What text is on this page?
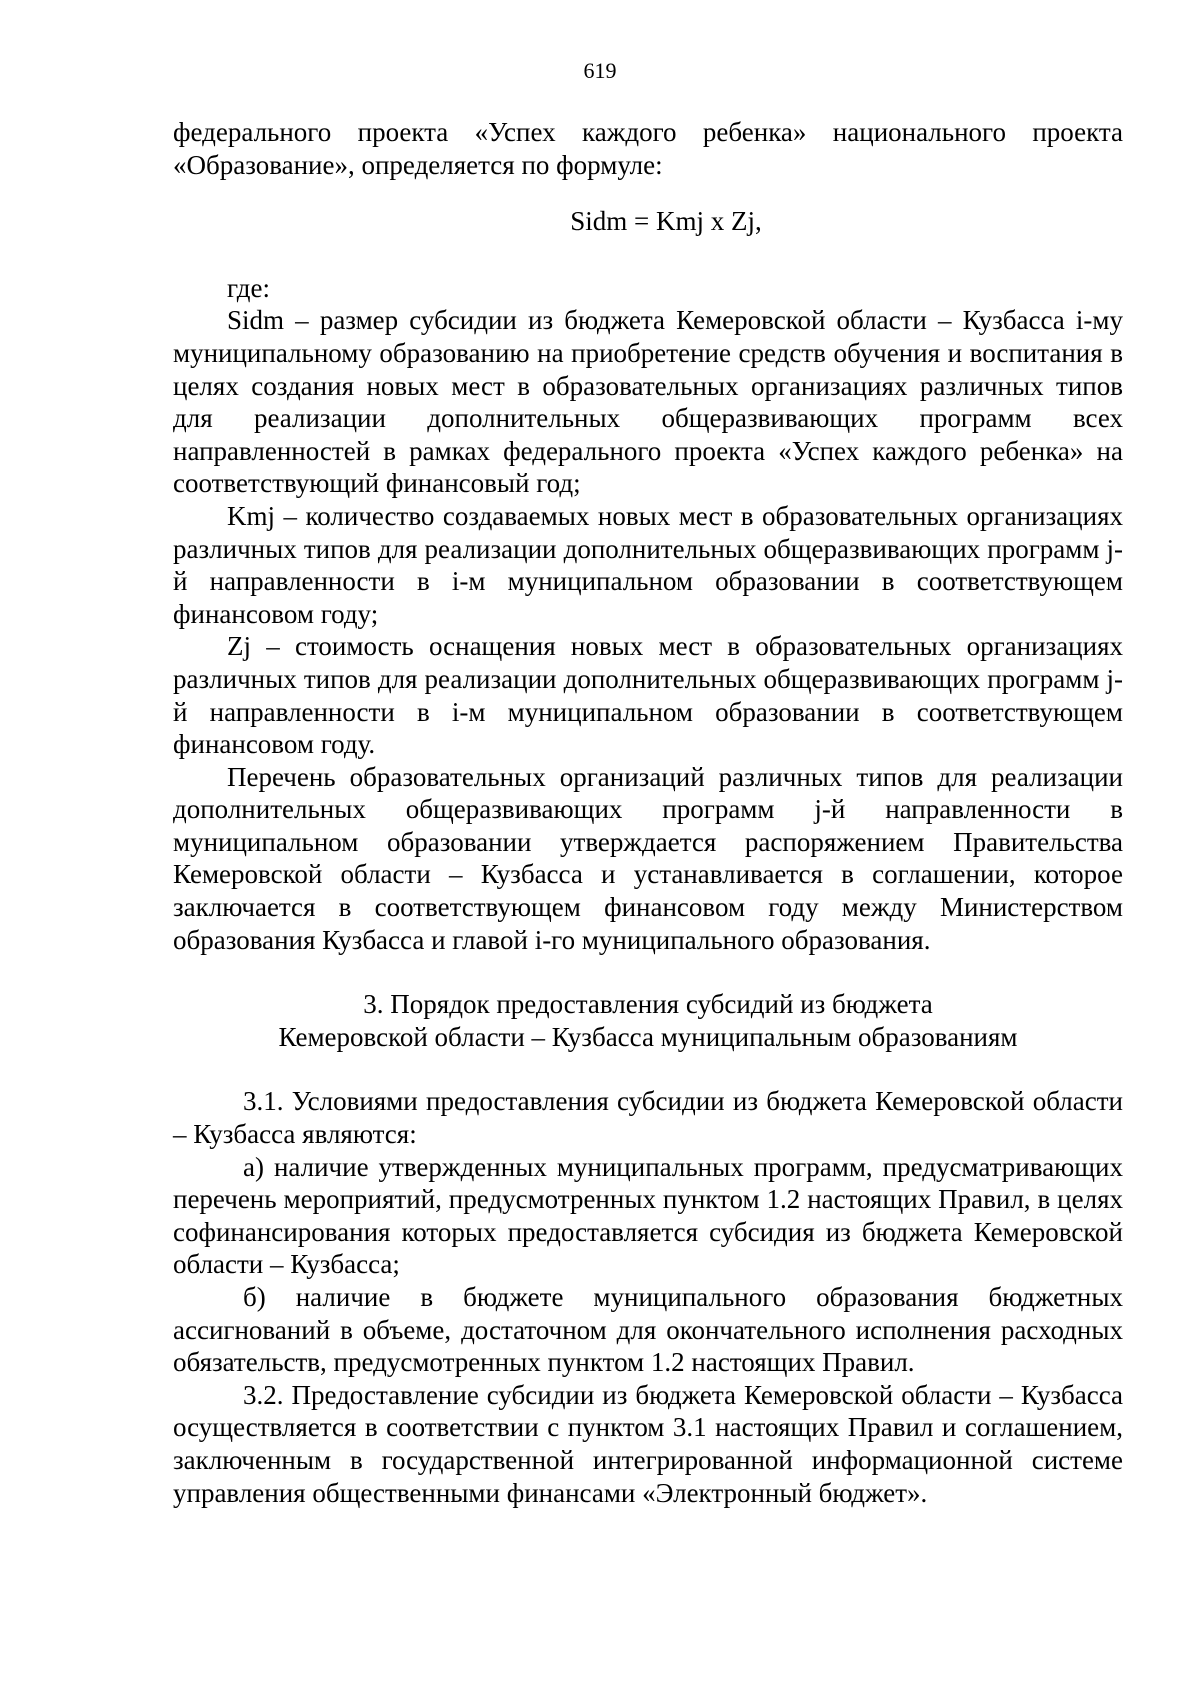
619

федерального проекта «Успех каждого ребенка» национального проекта «Образование», определяется по формуле:

Sidm = Kmj x Zj,

где:

Sidm – размер субсидии из бюджета Кемеровской области – Кузбасса i-му муниципальному образованию на приобретение средств обучения и воспитания в целях создания новых мест в образовательных организациях различных типов для реализации дополнительных общеразвивающих программ всех направленностей в рамках федерального проекта «Успех каждого ребенка» на соответствующий финансовый год;

Kmj – количество создаваемых новых мест в образовательных организациях различных типов для реализации дополнительных общеразвивающих программ j-й направленности в i-м муниципальном образовании в соответствующем финансовом году;

Zj – стоимость оснащения новых мест в образовательных организациях различных типов для реализации дополнительных общеразвивающих программ j-й направленности в i-м муниципальном образовании в соответствующем финансовом году.

Перечень образовательных организаций различных типов для реализации дополнительных общеразвивающих программ j-й направленности в муниципальном образовании утверждается распоряжением Правительства Кемеровской области – Кузбасса и устанавливается в соглашении, которое заключается в соответствующем финансовом году между Министерством образования Кузбасса и главой i-го муниципального образования.

3. Порядок предоставления субсидий из бюджета
Кемеровской области – Кузбасса муниципальным образованиям

3.1. Условиями предоставления субсидии из бюджета Кемеровской области – Кузбасса являются:

а) наличие утвержденных муниципальных программ, предусматривающих перечень мероприятий, предусмотренных пунктом 1.2 настоящих Правил, в целях софинансирования которых предоставляется субсидия из бюджета Кемеровской области – Кузбасса;

б) наличие в бюджете муниципального образования бюджетных ассигнований в объеме, достаточном для окончательного исполнения расходных обязательств, предусмотренных пунктом 1.2 настоящих Правил.

3.2. Предоставление субсидии из бюджета Кемеровской области – Кузбасса осуществляется в соответствии с пунктом 3.1 настоящих Правил и соглашением, заключенным в государственной интегрированной информационной системе управления общественными финансами «Электронный бюджет».
